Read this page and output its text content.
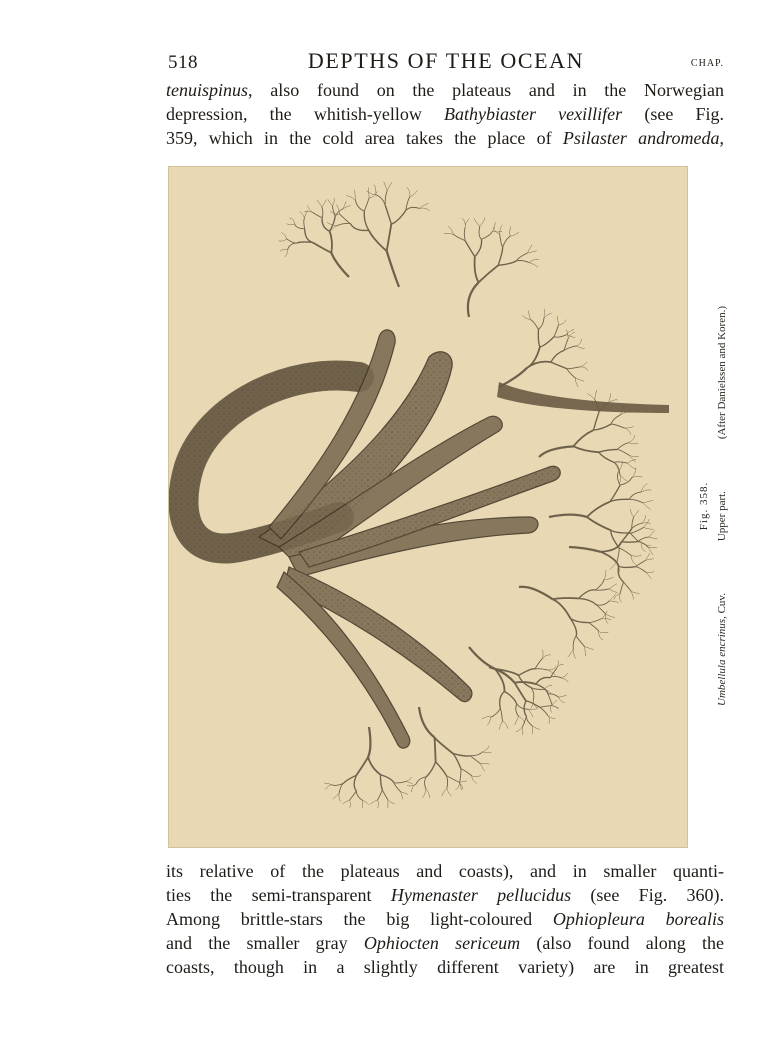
518	DEPTHS OF THE OCEAN	CHAP.

tenuispinus, also found on the plateaus and in the Norwegian

depression, the whitish-yellow Bathybiaster vexillifer (see Fig.

359, which in the cold area takes the place of Psilaster andromeda,

Fig. 358.
Umbellula encrinus, Cuv.
Upper part.
(After Danielssen and Koren.)

its relative of the plateaus and coasts), and in smaller quanti-

ties the semi-transparent Hymenaster pellucidus (see Fig. 360).

Among brittle-stars the big light-coloured Ophiopleura borealis

and the smaller gray Ophiocten sericeum (also found along the

coasts, though in a slightly different variety) are in greatest
